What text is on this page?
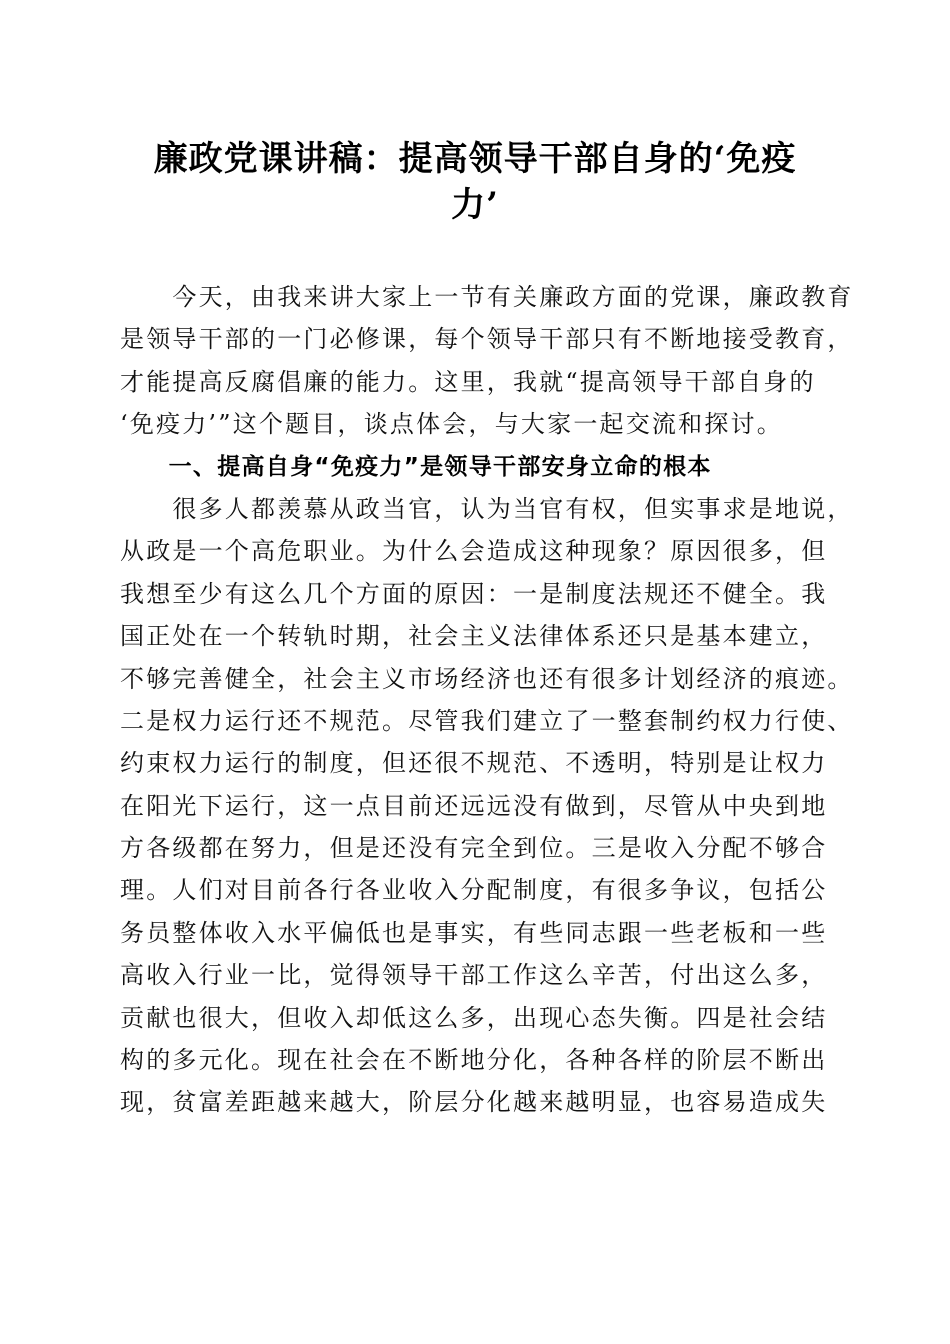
廉政党课讲稿：提高领导干部自身的‘免疫
力’
　　今天，由我来讲大家上一节有关廉政方面的党课，廉政教育
是领导干部的一门必修课，每个领导干部只有不断地接受教育，
才能提高反腐倡廉的能力。这里，我就“提高领导干部自身的
‘免疫力’”这个题目，谈点体会，与大家一起交流和探讨。
　　一、提高自身“免疫力”是领导干部安身立命的根本
　　很多人都羡慕从政当官，认为当官有权，但实事求是地说，
从政是一个高危职业。为什么会造成这种现象？原因很多，但
我想至少有这么几个方面的原因：一是制度法规还不健全。我
国正处在一个转轨时期，社会主义法律体系还只是基本建立，
不够完善健全，社会主义市场经济也还有很多计划经济的痕迹。
二是权力运行还不规范。尽管我们建立了一整套制约权力行使、
约束权力运行的制度，但还很不规范、不透明，特别是让权力
在阳光下运行，这一点目前还远远没有做到，尽管从中央到地
方各级都在努力，但是还没有完全到位。三是收入分配不够合
理。人们对目前各行各业收入分配制度，有很多争议，包括公
务员整体收入水平偏低也是事实，有些同志跟一些老板和一些
高收入行业一比，觉得领导干部工作这么辛苦，付出这么多，
贡献也很大，但收入却低这么多，出现心态失衡。四是社会结
构的多元化。现在社会在不断地分化，各种各样的阶层不断出
现，贫富差距越来越大，阶层分化越来越明显，也容易造成失
